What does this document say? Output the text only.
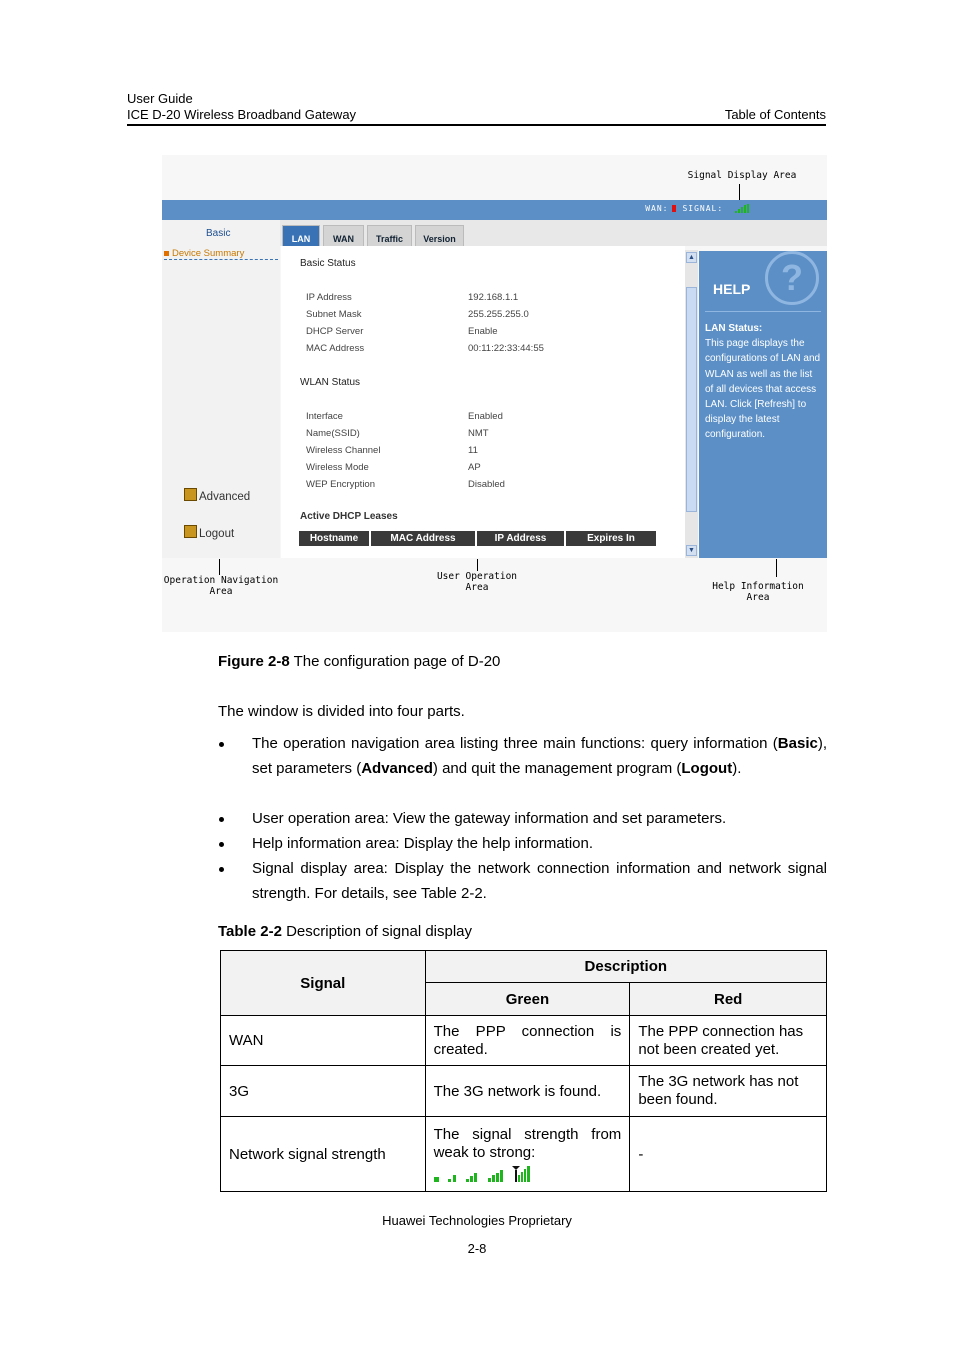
User Guide
ICE D-20 Wireless Broadband Gateway	Table of Contents
Signal Display Area
WAN: SIGNAL:
LAN	WAN	Traffic	Version
Basic
Device Summary
Advanced
Logout
Basic Status
IP Address	192.168.1.1
Subnet Mask	255.255.255.0
DHCP Server	Enable
MAC Address	00:11:22:33:44:55
WLAN Status
Interface	Enabled
Name(SSID)	NMT
Wireless Channel	11
Wireless Mode	AP
WEP Encryption	Disabled
Active DHCP Leases
Hostname	MAC Address	IP Address	Expires In
▲
▼
?
HELP
LAN Status:
This page displays the configurations of LAN and WLAN as well as the list of all devices that access LAN. Click [Refresh] to display the latest configuration.
Operation Navigation
Area
User Operation
Area	Help Information
Area
Figure 2-8 The configuration page of D-20
The window is divided into four parts.
The operation navigation area listing three main functions: query information (Basic), set parameters (Advanced) and quit the management program (Logout).
User operation area: View the gateway information and set parameters.
Help information area: Display the help information.
Signal display area: Display the network connection information and network signal strength. For details, see Table 2-2.
Table 2-2 Description of signal display
Signal	Description	
	Green	Red
WAN	The PPP connection is created.	The PPP connection has not been created yet.
3G	The 3G network is found.	The 3G network has not been found.
Network signal strength	The signal strength from weak to strong:	-
Huawei Technologies Proprietary
2-8
